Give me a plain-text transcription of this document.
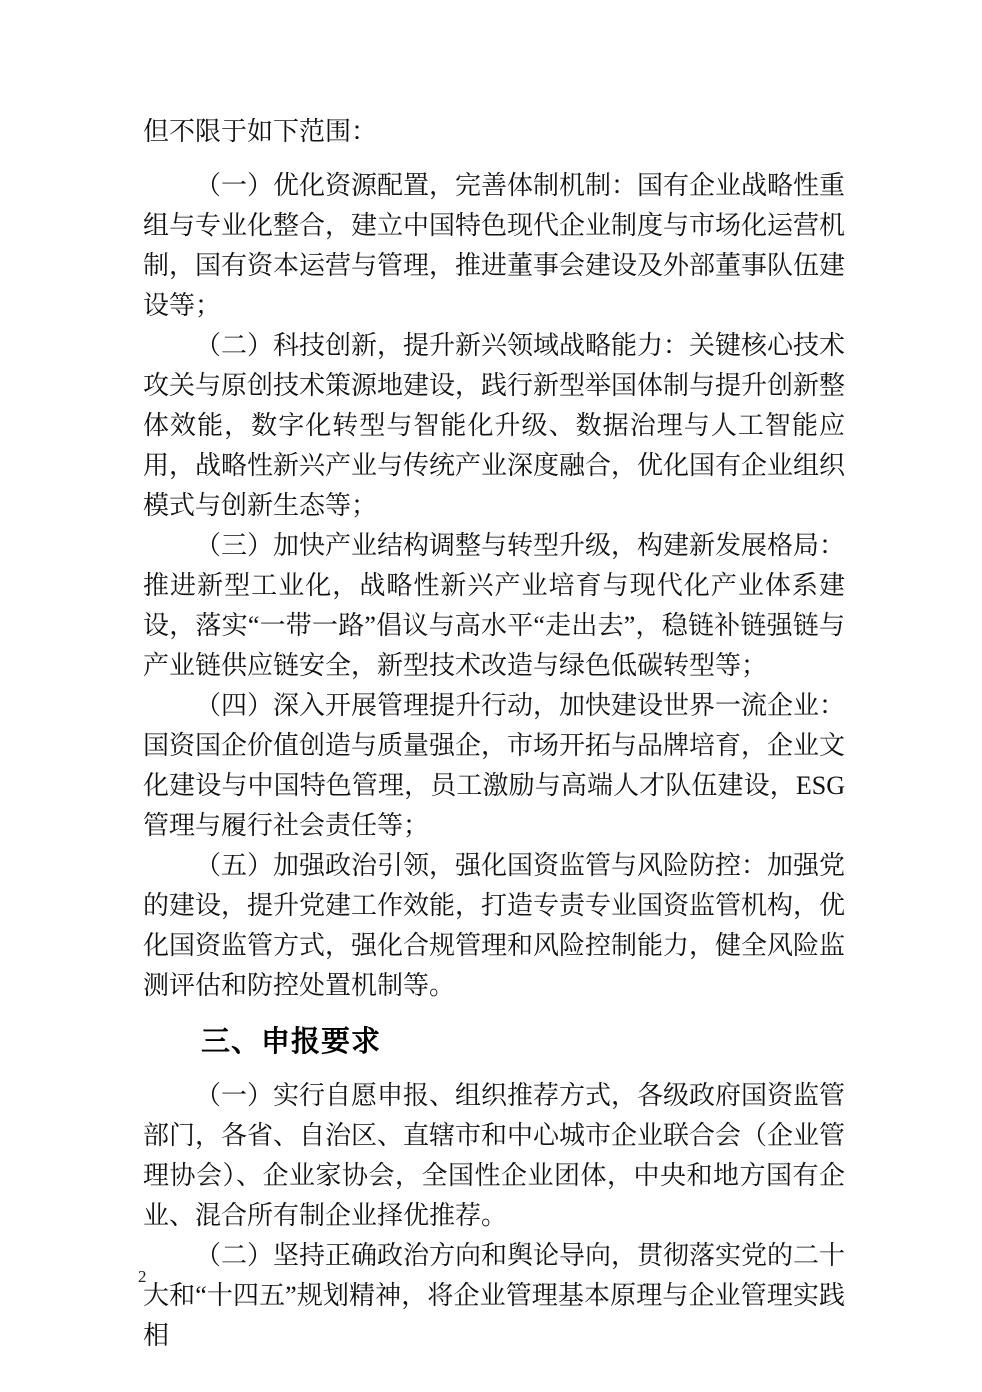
但不限于如下范围：

（一）优化资源配置，完善体制机制：国有企业战略性重组与专业化整合，建立中国特色现代企业制度与市场化运营机制，国有资本运营与管理，推进董事会建设及外部董事队伍建设等；

（二）科技创新，提升新兴领域战略能力：关键核心技术攻关与原创技术策源地建设，践行新型举国体制与提升创新整体效能，数字化转型与智能化升级、数据治理与人工智能应用，战略性新兴产业与传统产业深度融合，优化国有企业组织模式与创新生态等；

（三）加快产业结构调整与转型升级，构建新发展格局：推进新型工业化，战略性新兴产业培育与现代化产业体系建设，落实“一带一路”倡议与高水平“走出去”，稳链补链强链与产业链供应链安全，新型技术改造与绿色低碳转型等；

（四）深入开展管理提升行动，加快建设世界一流企业：国资国企价值创造与质量强企，市场开拓与品牌培育，企业文化建设与中国特色管理，员工激励与高端人才队伍建设，ESG 管理与履行社会责任等；

（五）加强政治引领，强化国资监管与风险防控：加强党的建设，提升党建工作效能，打造专责专业国资监管机构，优化国资监管方式，强化合规管理和风险控制能力，健全风险监测评估和防控处置机制等。

三、申报要求

（一）实行自愿申报、组织推荐方式，各级政府国资监管部门，各省、自治区、直辖市和中心城市企业联合会（企业管理协会）、企业家协会，全国性企业团体，中央和地方国有企业、混合所有制企业择优推荐。

（二）坚持正确政治方向和舆论导向，贯彻落实党的二十大和“十四五”规划精神，将企业管理基本原理与企业管理实践相

2
